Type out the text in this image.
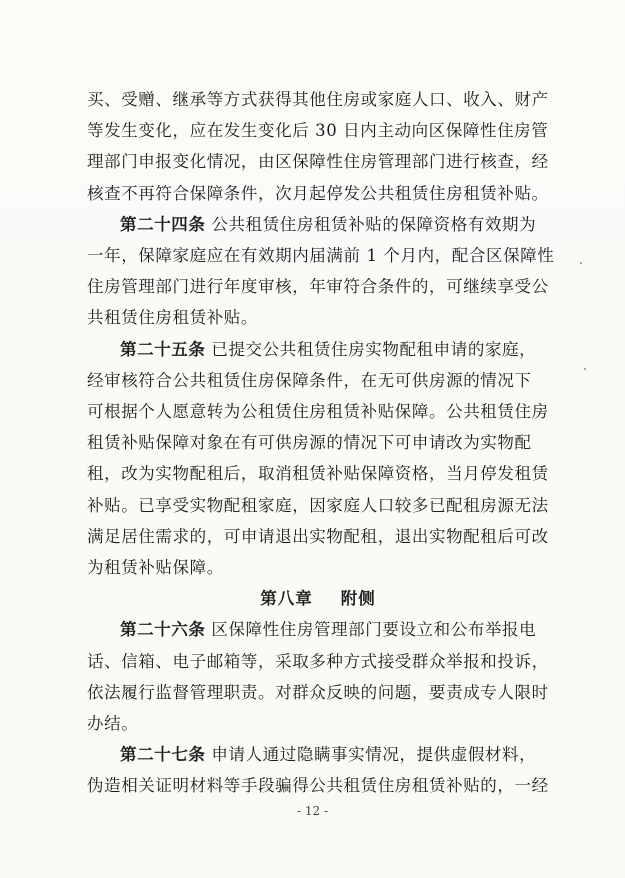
买、受赠、继承等方式获得其他住房或家庭人口、收入、财产
等发生变化，应在发生变化后 30 日内主动向区保障性住房管
理部门申报变化情况，由区保障性住房管理部门进行核查，经
核查不再符合保障条件，次月起停发公共租赁住房租赁补贴。

第二十四条 公共租赁住房租赁补贴的保障资格有效期为
一年，保障家庭应在有效期内届满前 1 个月内，配合区保障性
住房管理部门进行年度审核，年审符合条件的，可继续享受公
共租赁住房租赁补贴。

第二十五条 已提交公共租赁住房实物配租申请的家庭，
经审核符合公共租赁住房保障条件，在无可供房源的情况下
可根据个人愿意转为公租赁住房租赁补贴保障。公共租赁住房
租赁补贴保障对象在有可供房源的情况下可申请改为实物配
租，改为实物配租后，取消租赁补贴保障资格，当月停发租赁
补贴。已享受实物配租家庭，因家庭人口较多已配租房源无法
满足居住需求的，可申请退出实物配租，退出实物配租后可改
为租赁补贴保障。

第八章 附侧

第二十六条 区保障性住房管理部门要设立和公布举报电
话、信箱、电子邮箱等，采取多种方式接受群众举报和投诉，
依法履行监督管理职责。对群众反映的问题，要责成专人限时
办结。

第二十七条 申请人通过隐瞒事实情况，提供虚假材料，
伪造相关证明材料等手段骗得公共租赁住房租赁补贴的，一经

- 12 -
